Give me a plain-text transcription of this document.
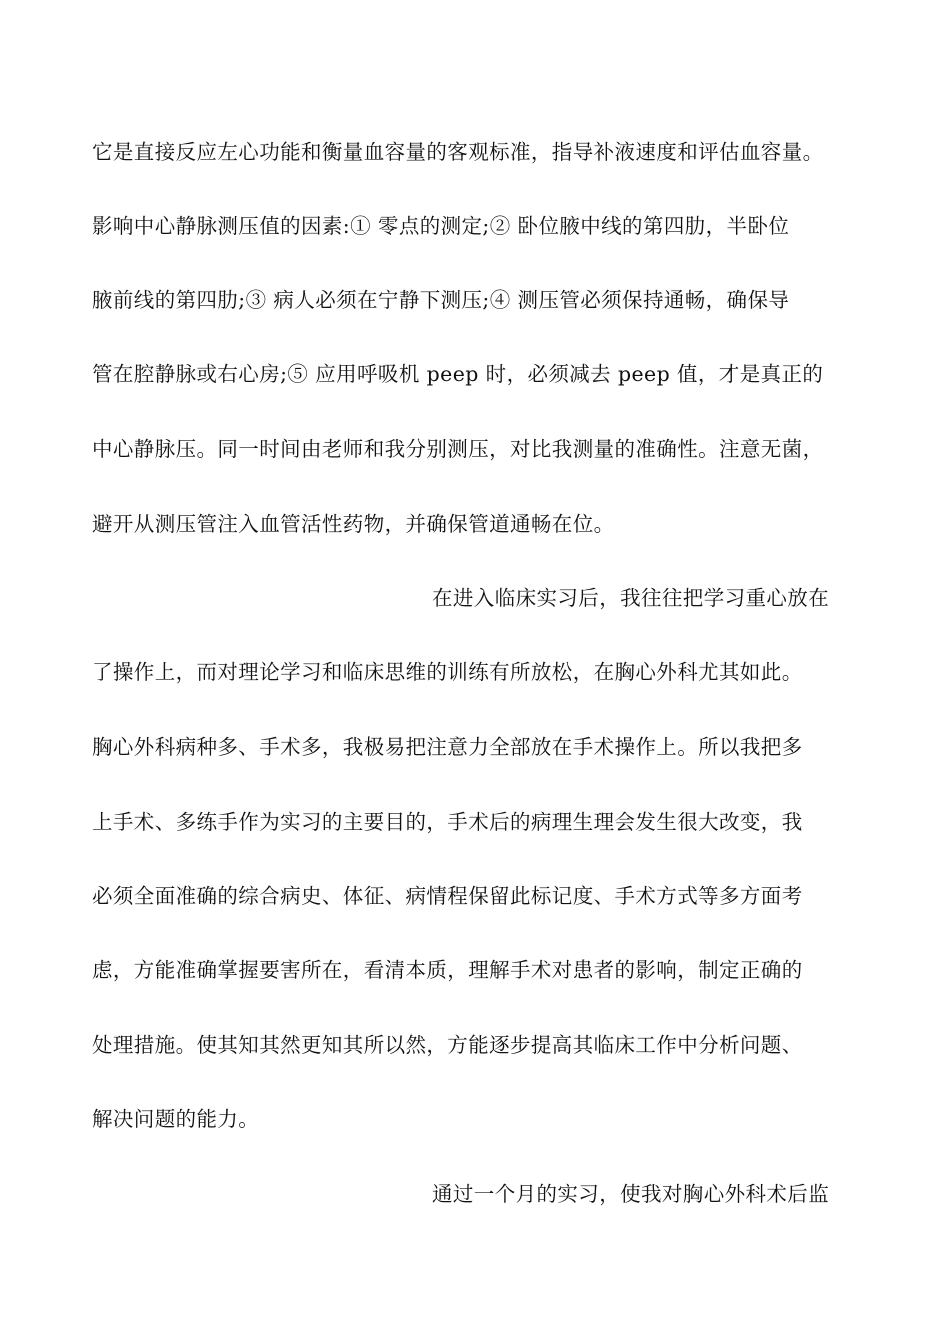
它是直接反应左心功能和衡量血容量的客观标准，指导补液速度和评估血容量。
影响中心静脉测压值的因素:① 零点的测定;② 卧位腋中线的第四肋，半卧位
腋前线的第四肋;③ 病人必须在宁静下测压;④ 测压管必须保持通畅，确保导
管在腔静脉或右心房;⑤ 应用呼吸机 peep 时，必须减去 peep 值，才是真正的
中心静脉压。同一时间由老师和我分别测压，对比我测量的准确性。注意无菌，
避开从测压管注入血管活性药物，并确保管道通畅在位。
在进入临床实习后，我往往把学习重心放在
了操作上，而对理论学习和临床思维的训练有所放松，在胸心外科尤其如此。
胸心外科病种多、手术多，我极易把注意力全部放在手术操作上。所以我把多
上手术、多练手作为实习的主要目的，手术后的病理生理会发生很大改变，我
必须全面准确的综合病史、体征、病情程保留此标记度、手术方式等多方面考
虑，方能准确掌握要害所在，看清本质，理解手术对患者的影响，制定正确的
处理措施。使其知其然更知其所以然，方能逐步提高其临床工作中分析问题、
解决问题的能力。
通过一个月的实习，使我对胸心外科术后监
